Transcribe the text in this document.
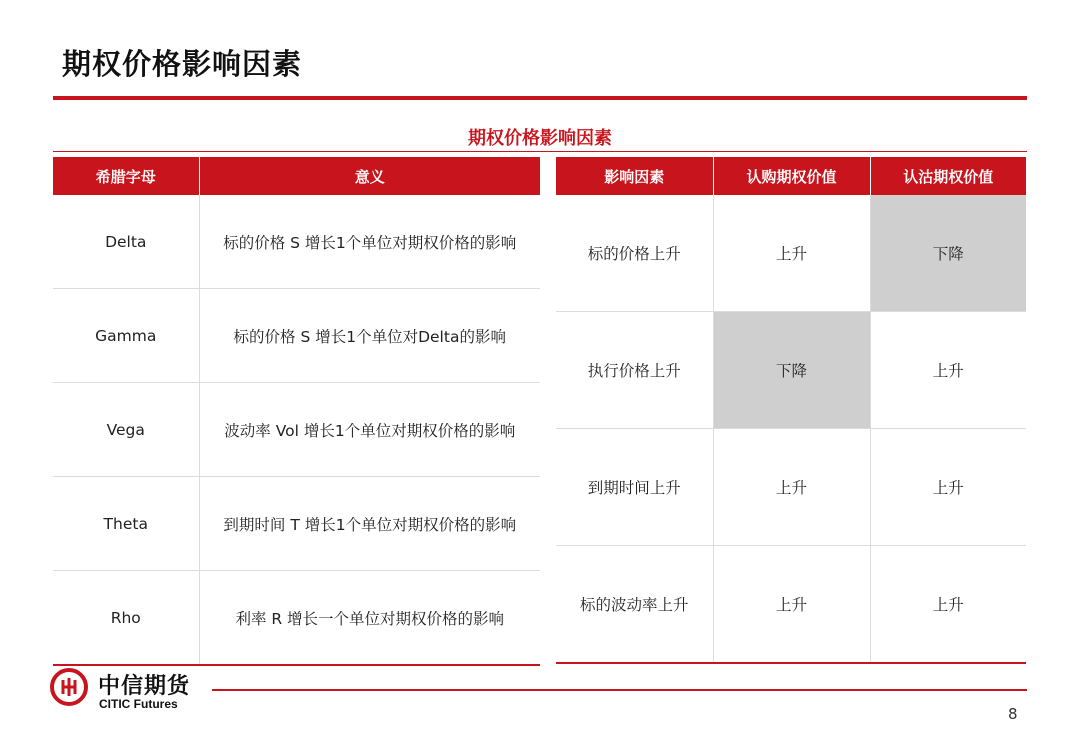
期权价格影响因素
期权价格影响因素
希腊字母	意义
Delta	标的价格 S 增长1个单位对期权价格的影响
Gamma	标的价格 S 增长1个单位对Delta的影响
Vega	波动率 Vol 增长1个单位对期权价格的影响
Theta	到期时间 T 增长1个单位对期权价格的影响
Rho	利率 R 增长一个单位对期权价格的影响
影响因素	认购期权价值	认沽期权价值
标的价格上升	上升	下降
执行价格上升	下降	上升
到期时间上升	上升	上升
标的波动率上升	上升	上升
中信期货
CITIC Futures
8
